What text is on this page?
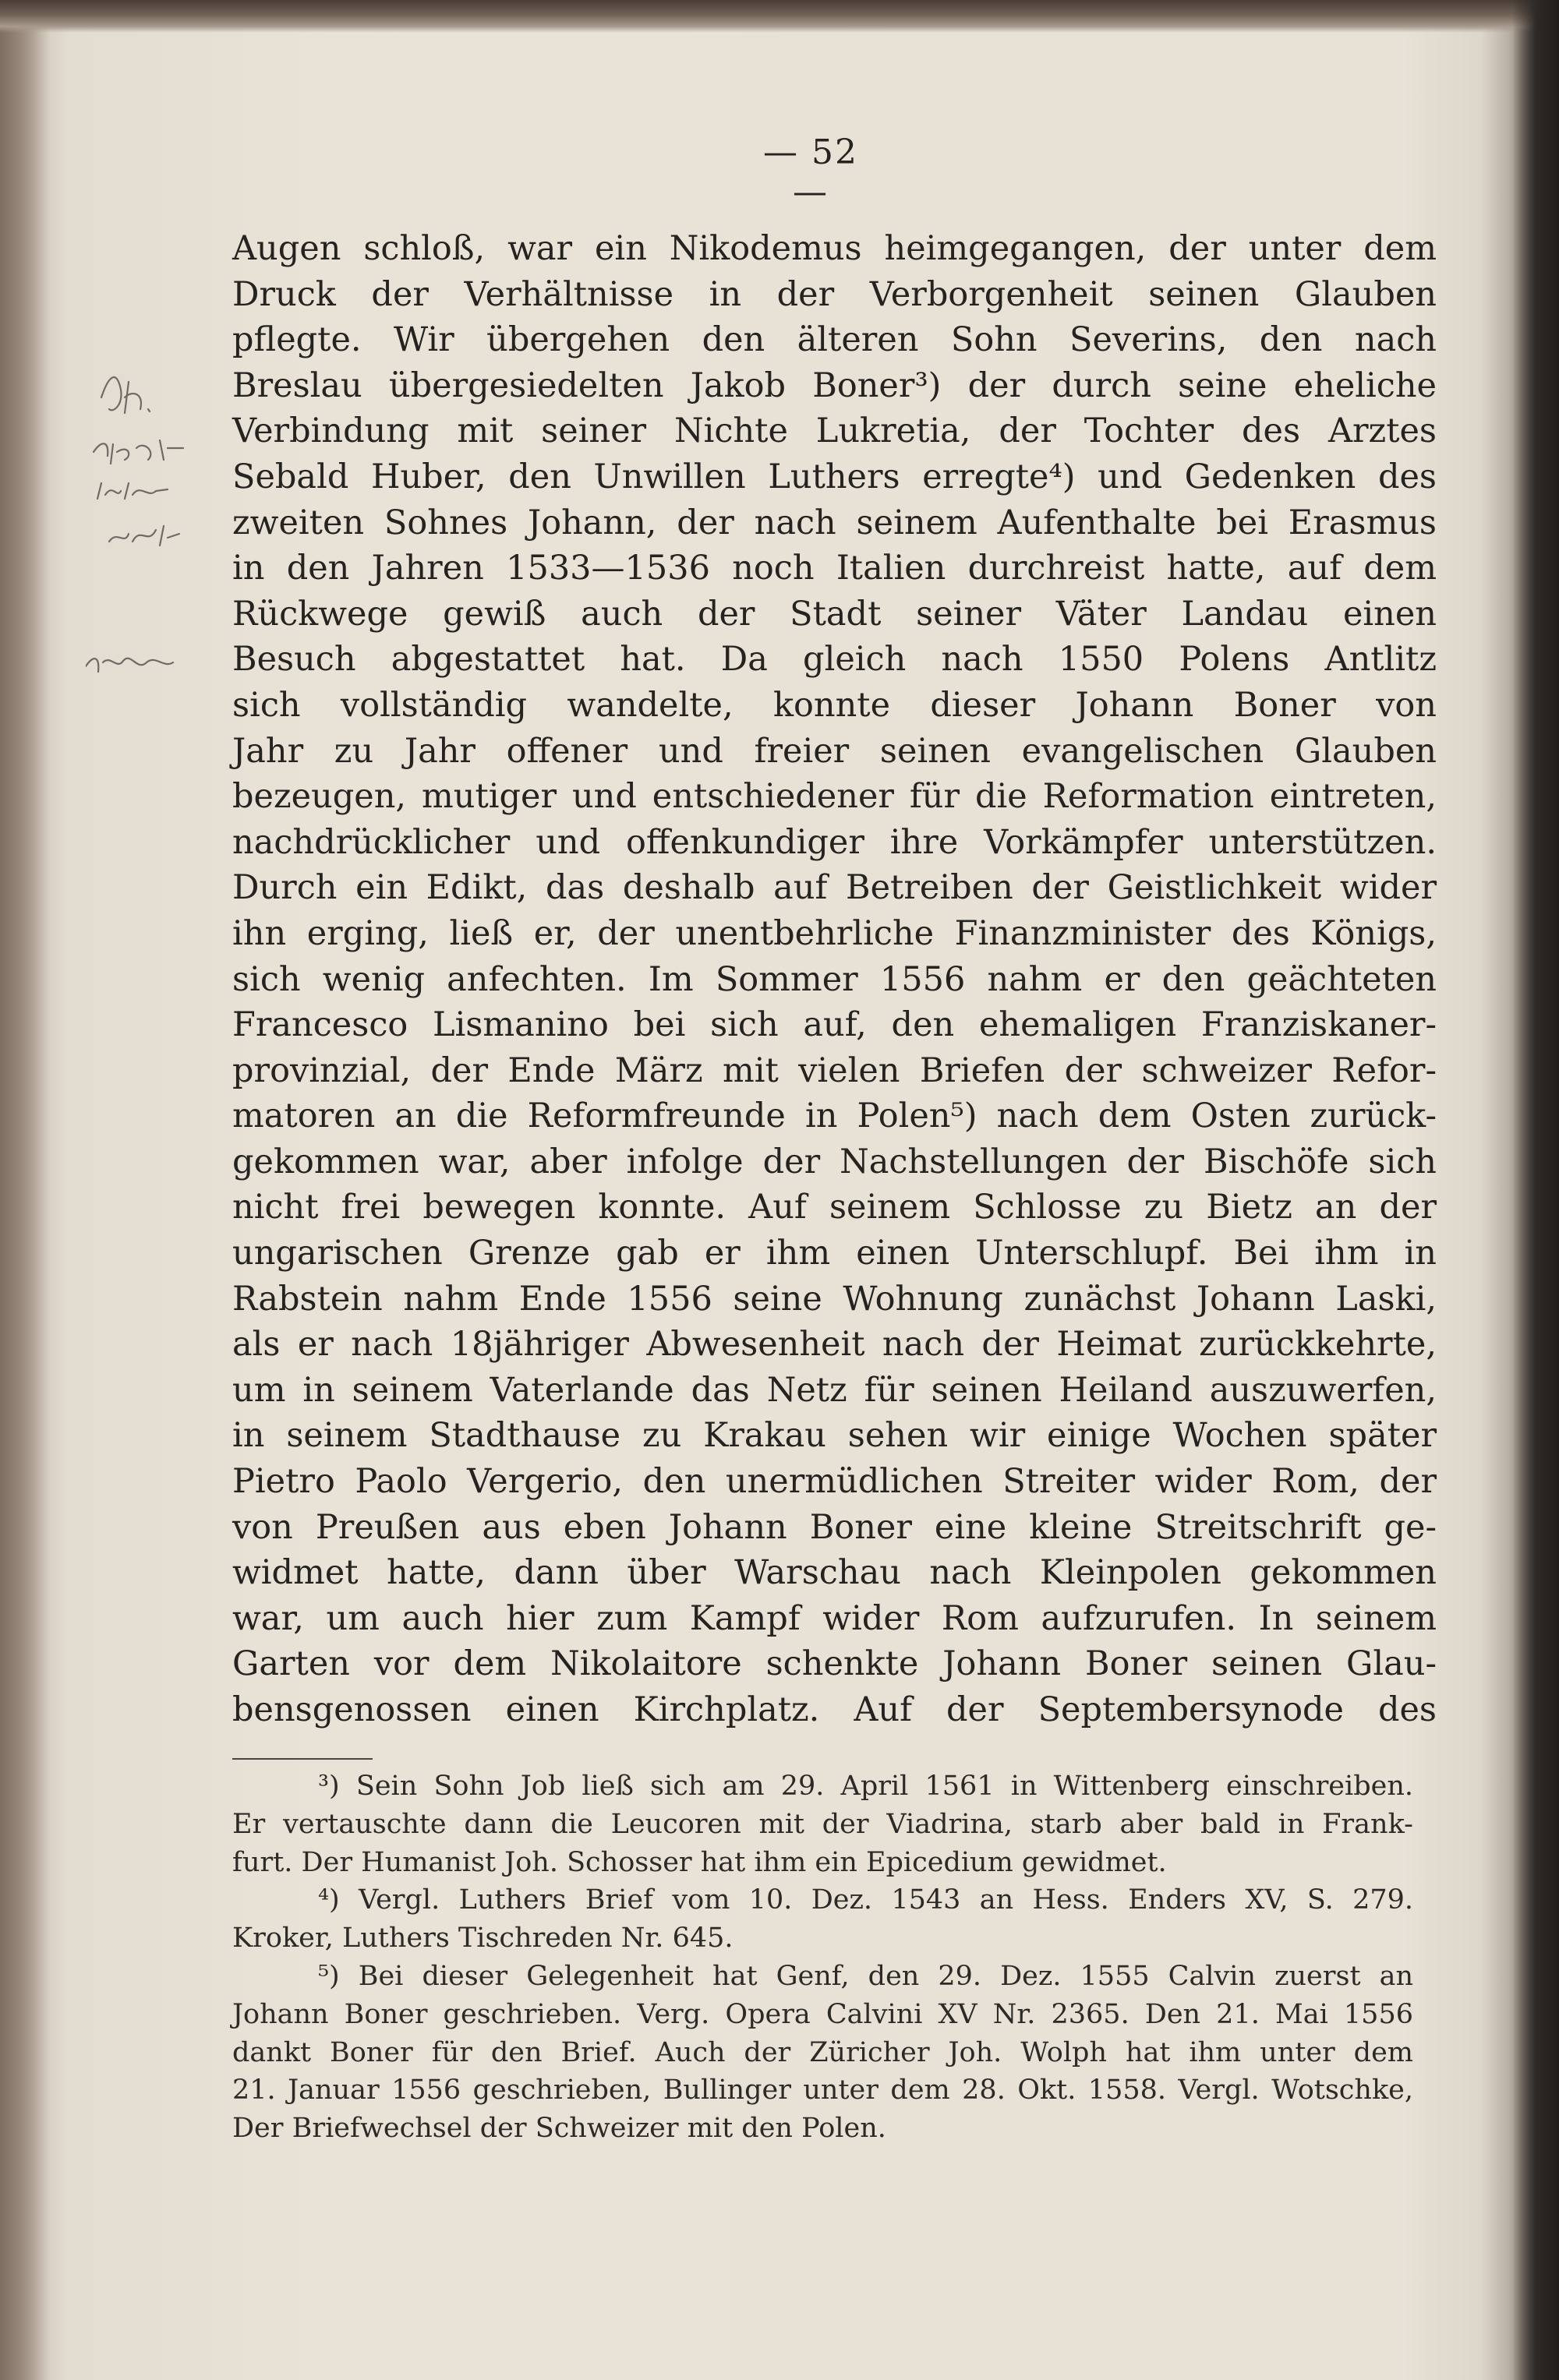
— 52 —
Augen schloß, war ein Nikodemus heimgegangen, der unter dem
Druck der Verhältnisse in der Verborgenheit seinen Glauben
pflegte. Wir übergehen den älteren Sohn Severins, den nach
Breslau übergesiedelten Jakob Boner³) der durch seine eheliche
Verbindung mit seiner Nichte Lukretia, der Tochter des Arztes
Sebald Huber, den Unwillen Luthers erregte⁴) und Gedenken des
zweiten Sohnes Johann, der nach seinem Aufenthalte bei Erasmus
in den Jahren 1533—1536 noch Italien durchreist hatte, auf dem
Rückwege gewiß auch der Stadt seiner Väter Landau einen
Besuch abgestattet hat. Da gleich nach 1550 Polens Antlitz
sich vollständig wandelte, konnte dieser Johann Boner von
Jahr zu Jahr offener und freier seinen evangelischen Glauben
bezeugen, mutiger und entschiedener für die Reformation eintreten,
nachdrücklicher und offenkundiger ihre Vorkämpfer unterstützen.
Durch ein Edikt, das deshalb auf Betreiben der Geistlichkeit wider
ihn erging, ließ er, der unentbehrliche Finanzminister des Königs,
sich wenig anfechten. Im Sommer 1556 nahm er den geächteten
Francesco Lismanino bei sich auf, den ehemaligen Franziskaner-
provinzial, der Ende März mit vielen Briefen der schweizer Refor-
matoren an die Reformfreunde in Polen⁵) nach dem Osten zurück-
gekommen war, aber infolge der Nachstellungen der Bischöfe sich
nicht frei bewegen konnte. Auf seinem Schlosse zu Bietz an der
ungarischen Grenze gab er ihm einen Unterschlupf. Bei ihm in
Rabstein nahm Ende 1556 seine Wohnung zunächst Johann Laski,
als er nach 18jähriger Abwesenheit nach der Heimat zurückkehrte,
um in seinem Vaterlande das Netz für seinen Heiland auszuwerfen,
in seinem Stadthause zu Krakau sehen wir einige Wochen später
Pietro Paolo Vergerio, den unermüdlichen Streiter wider Rom, der
von Preußen aus eben Johann Boner eine kleine Streitschrift ge-
widmet hatte, dann über Warschau nach Kleinpolen gekommen
war, um auch hier zum Kampf wider Rom aufzurufen. In seinem
Garten vor dem Nikolaitore schenkte Johann Boner seinen Glau-
bensgenossen einen Kirchplatz. Auf der Septembersynode des
³) Sein Sohn Job ließ sich am 29. April 1561 in Wittenberg einschreiben.
Er vertauschte dann die Leucoren mit der Viadrina, starb aber bald in Frank-
furt. Der Humanist Joh. Schosser hat ihm ein Epicedium gewidmet.
⁴) Vergl. Luthers Brief vom 10. Dez. 1543 an Hess. Enders XV, S. 279.
Kroker, Luthers Tischreden Nr. 645.
⁵) Bei dieser Gelegenheit hat Genf, den 29. Dez. 1555 Calvin zuerst an
Johann Boner geschrieben. Verg. Opera Calvini XV Nr. 2365. Den 21. Mai 1556
dankt Boner für den Brief. Auch der Züricher Joh. Wolph hat ihm unter dem
21. Januar 1556 geschrieben, Bullinger unter dem 28. Okt. 1558. Vergl. Wotschke,
Der Briefwechsel der Schweizer mit den Polen.
